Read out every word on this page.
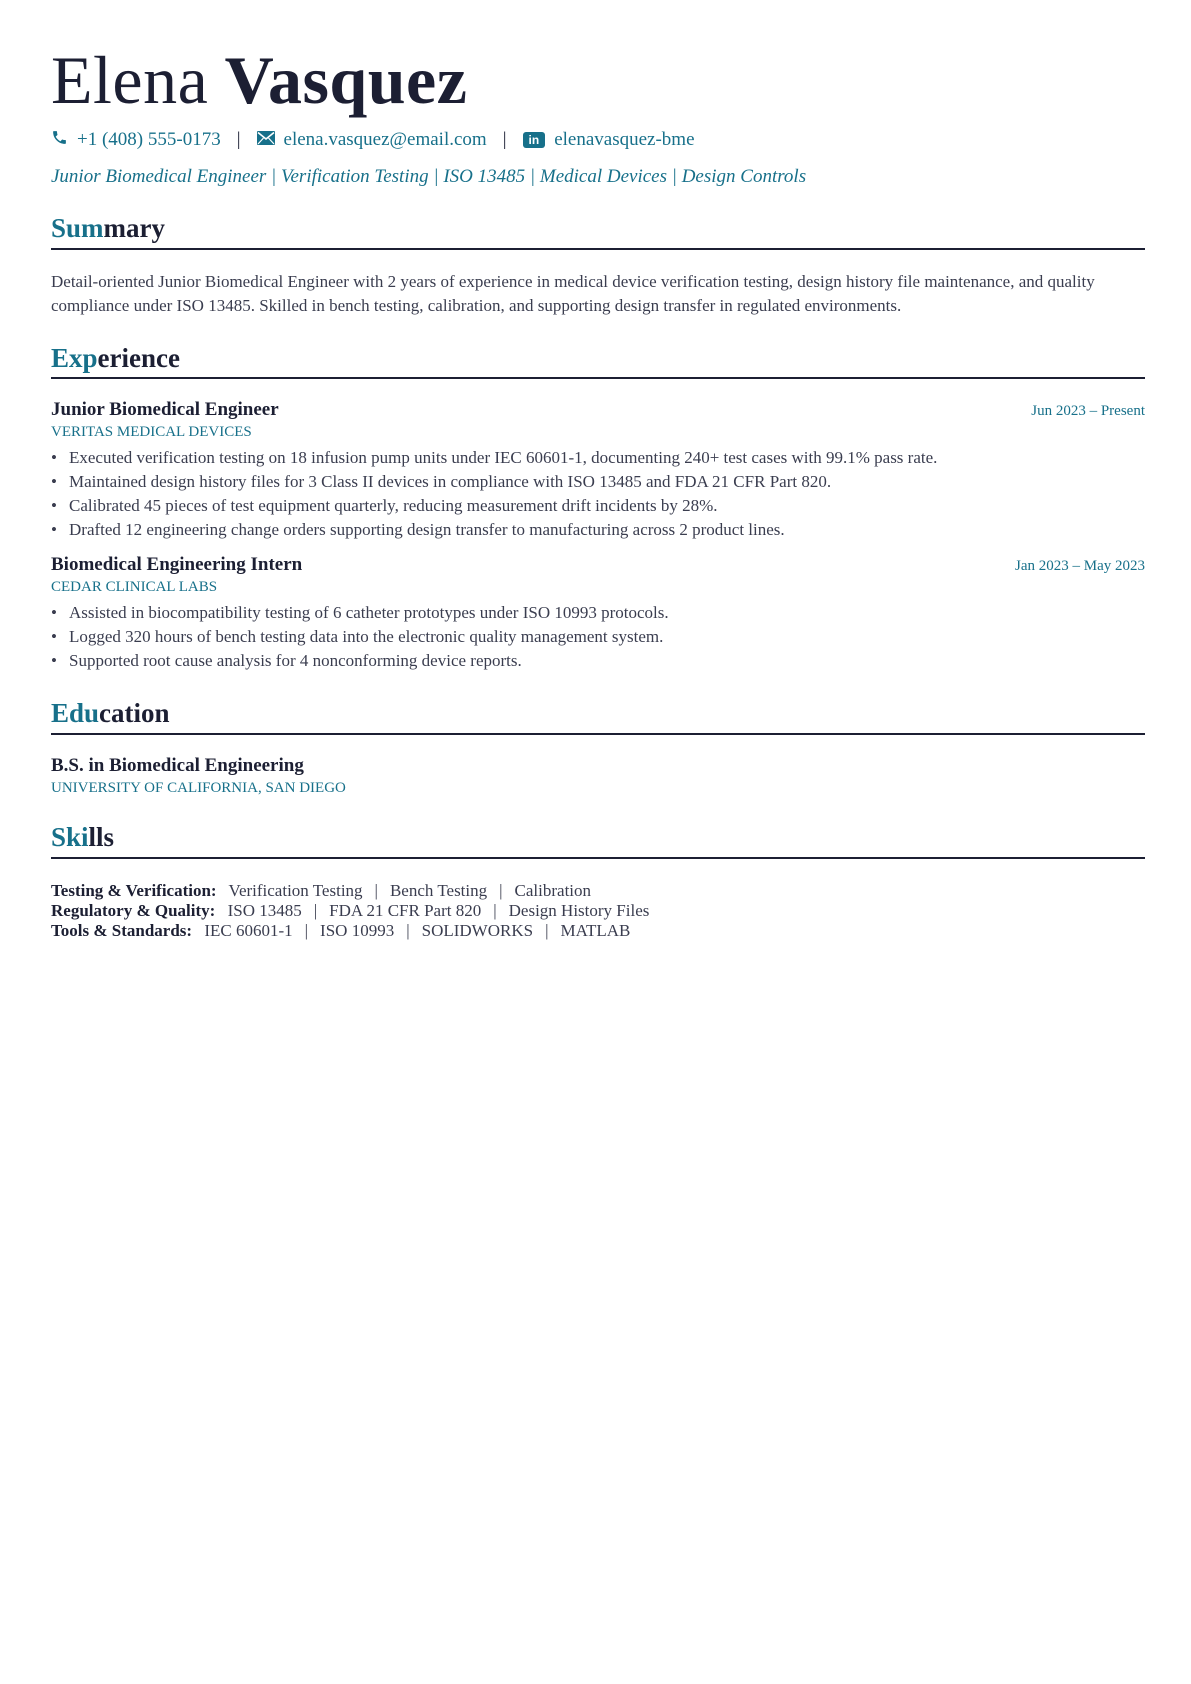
Elena Vasquez
+1 (408) 555-0173 | elena.vasquez@email.com |	in elenavasquez-bme
Junior Biomedical Engineer | Verification Testing | ISO 13485 | Medical Devices | Design Controls
Summary
Detail-oriented Junior Biomedical Engineer with 2 years of experience in medical device verification testing, design history file maintenance, and quality compliance under ISO 13485. Skilled in bench testing, calibration, and supporting design transfer in regulated environments.
Experience
Junior Biomedical Engineer	Jun 2023 – Present
VERITAS MEDICAL DEVICES
• Executed verification testing on 18 infusion pump units under IEC 60601-1, documenting 240+ test cases with 99.1% pass rate.
• Maintained design history files for 3 Class II devices in compliance with ISO 13485 and FDA 21 CFR Part 820.
• Calibrated 45 pieces of test equipment quarterly, reducing measurement drift incidents by 28%.
• Drafted 12 engineering change orders supporting design transfer to manufacturing across 2 product lines.
Biomedical Engineering Intern	Jan 2023 – May 2023
CEDAR CLINICAL LABS
• Assisted in biocompatibility testing of 6 catheter prototypes under ISO 10993 protocols.
• Logged 320 hours of bench testing data into the electronic quality management system.
• Supported root cause analysis for 4 nonconforming device reports.
Education
B.S. in Biomedical Engineering
UNIVERSITY OF CALIFORNIA, SAN DIEGO
Skills
Testing & Verification: Verification Testing | Bench Testing | Calibration
Regulatory & Quality: ISO 13485 | FDA 21 CFR Part 820 | Design History Files
Tools & Standards: IEC 60601-1 | ISO 10993 | SOLIDWORKS | MATLAB
